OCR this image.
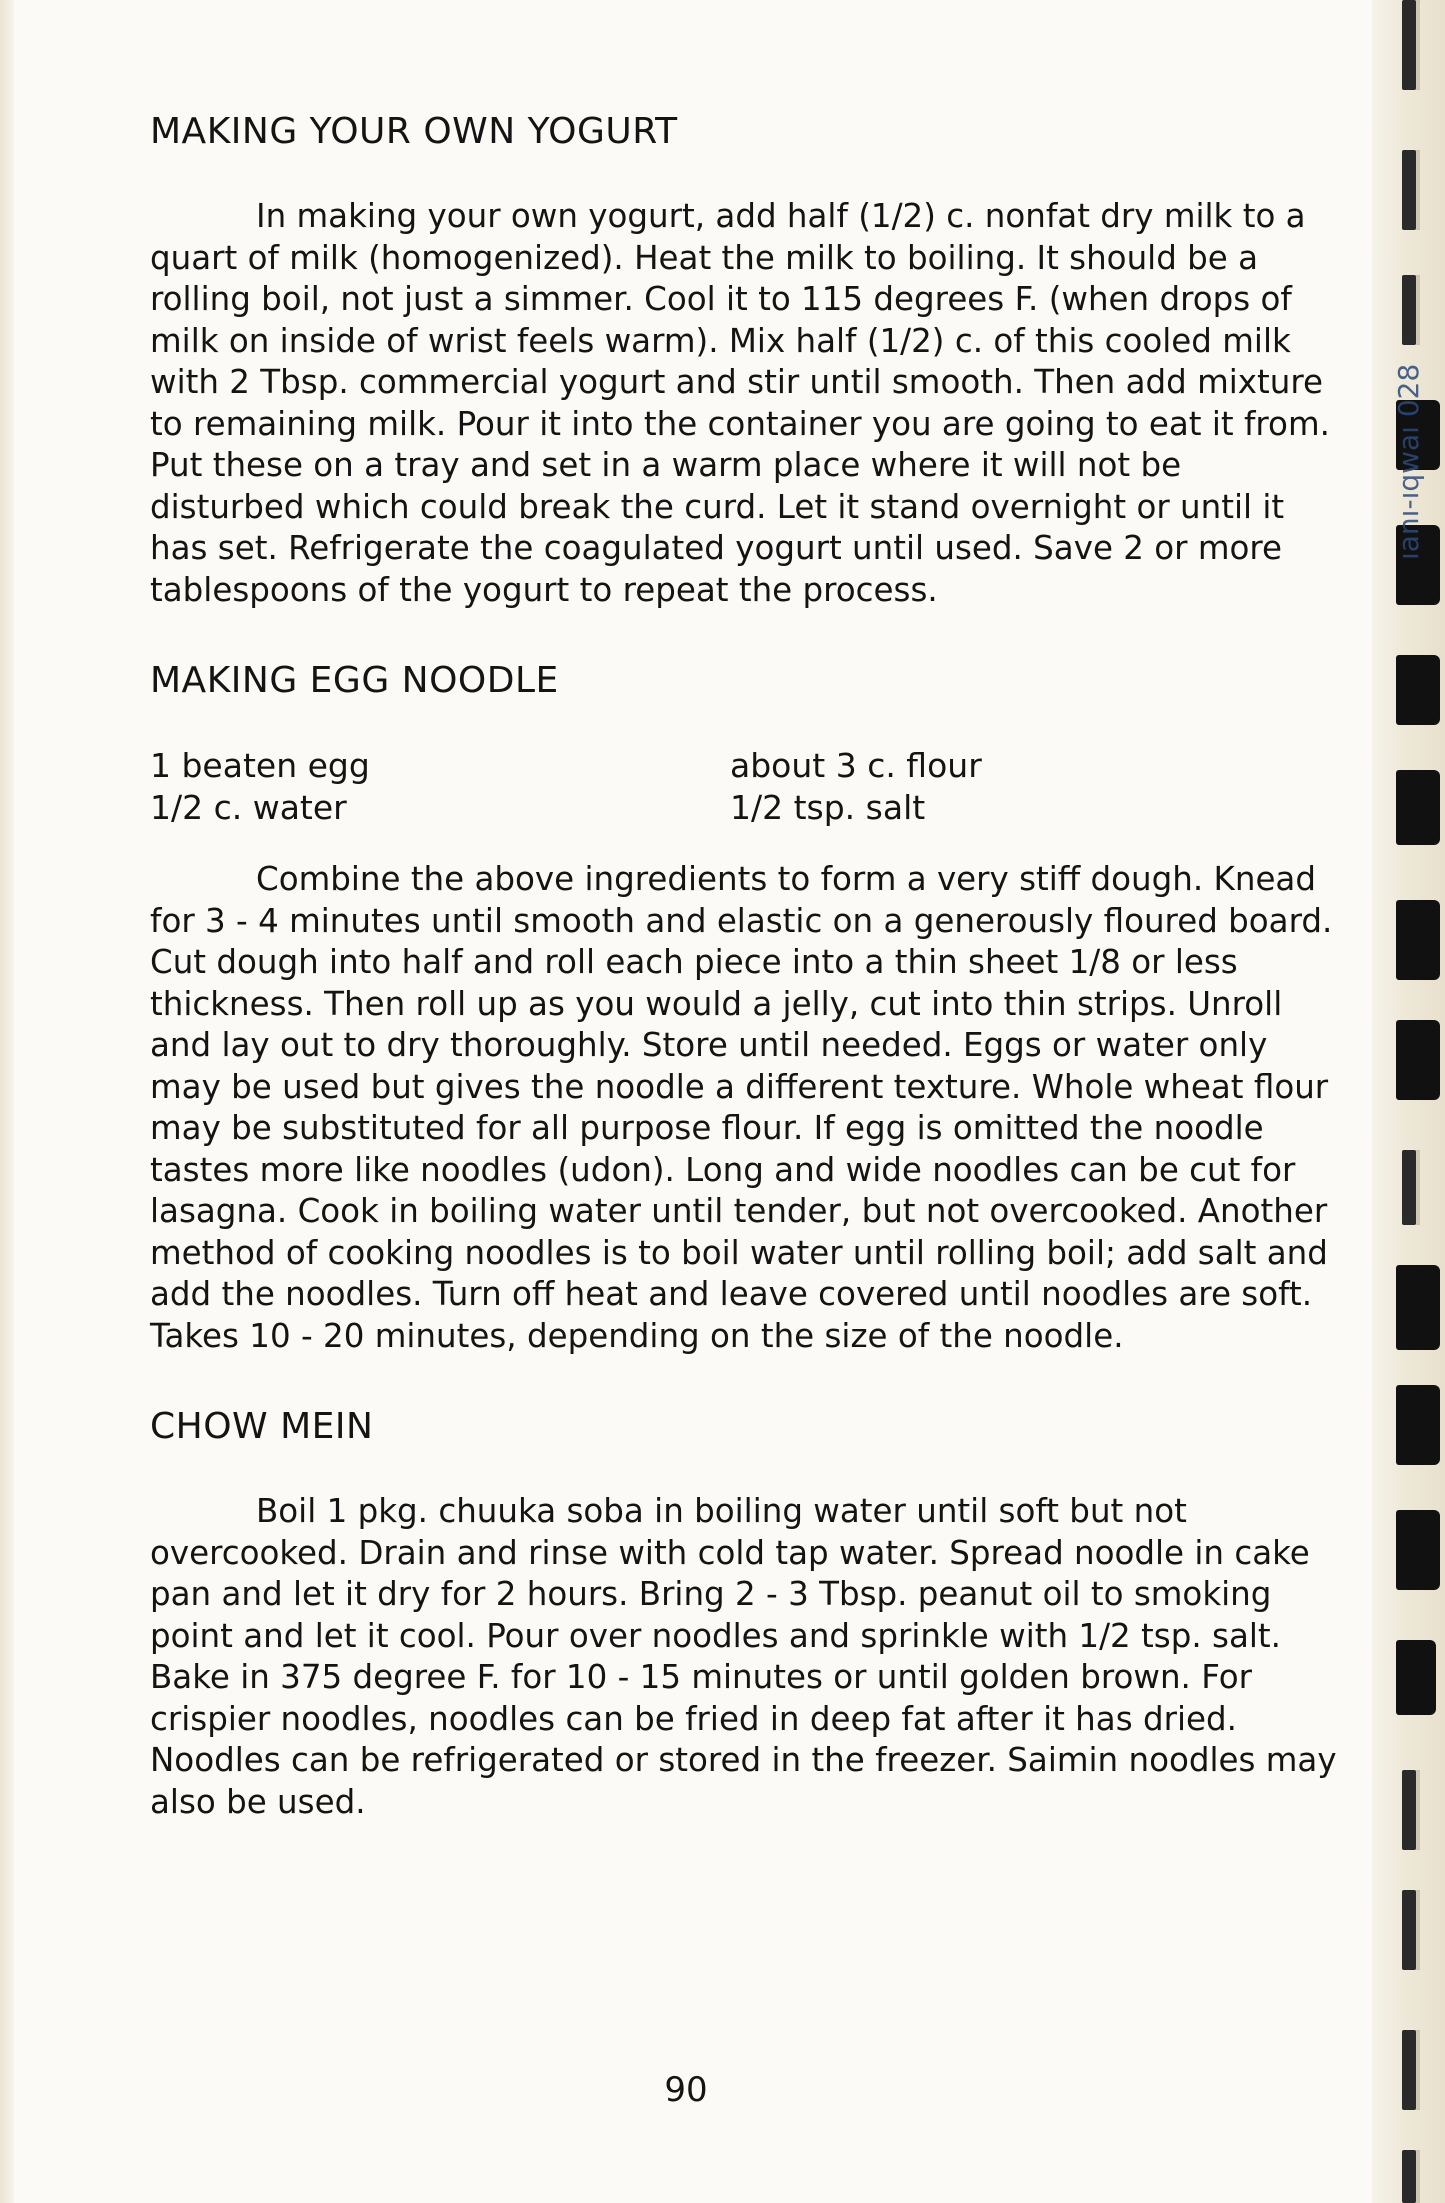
ıanı-ıqwaı 028
MAKING YOUR OWN YOGURT

In making your own yogurt, add half (1/2) c. nonfat dry milk to a quart of milk (homogenized). Heat the milk to boiling. It should be a rolling boil, not just a simmer. Cool it to 115 degrees F. (when drops of milk on inside of wrist feels warm). Mix half (1/2) c. of this cooled milk with 2 Tbsp. commercial yogurt and stir until smooth. Then add mixture to remaining milk. Pour it into the container you are going to eat it from. Put these on a tray and set in a warm place where it will not be disturbed which could break the curd. Let it stand overnight or until it has set. Refrigerate the coagulated yogurt until used. Save 2 or more tablespoons of the yogurt to repeat the process.

MAKING EGG NOODLE
1 beaten egg
1/2 c. water
about 3 c. flour
1/2 tsp. salt

Combine the above ingredients to form a very stiff dough. Knead for 3 - 4 minutes until smooth and elastic on a generously floured board. Cut dough into half and roll each piece into a thin sheet 1/8 or less thickness. Then roll up as you would a jelly, cut into thin strips. Unroll and lay out to dry thoroughly. Store until needed. Eggs or water only may be used but gives the noodle a different texture. Whole wheat flour may be substituted for all purpose flour. If egg is omitted the noodle tastes more like noodles (udon). Long and wide noodles can be cut for lasagna. Cook in boiling water until tender, but not overcooked. Another method of cooking noodles is to boil water until rolling boil; add salt and add the noodles. Turn off heat and leave covered until noodles are soft. Takes 10 - 20 minutes, depending on the size of the noodle.

CHOW MEIN

Boil 1 pkg. chuuka soba in boiling water until soft but not overcooked. Drain and rinse with cold tap water. Spread noodle in cake pan and let it dry for 2 hours. Bring 2 - 3 Tbsp. peanut oil to smoking point and let it cool. Pour over noodles and sprinkle with 1/2 tsp. salt. Bake in 375 degree F. for 10 - 15 minutes or until golden brown. For crispier noodles, noodles can be fried in deep fat after it has dried. Noodles can be refrigerated or stored in the freezer. Saimin noodles may also be used.

90
